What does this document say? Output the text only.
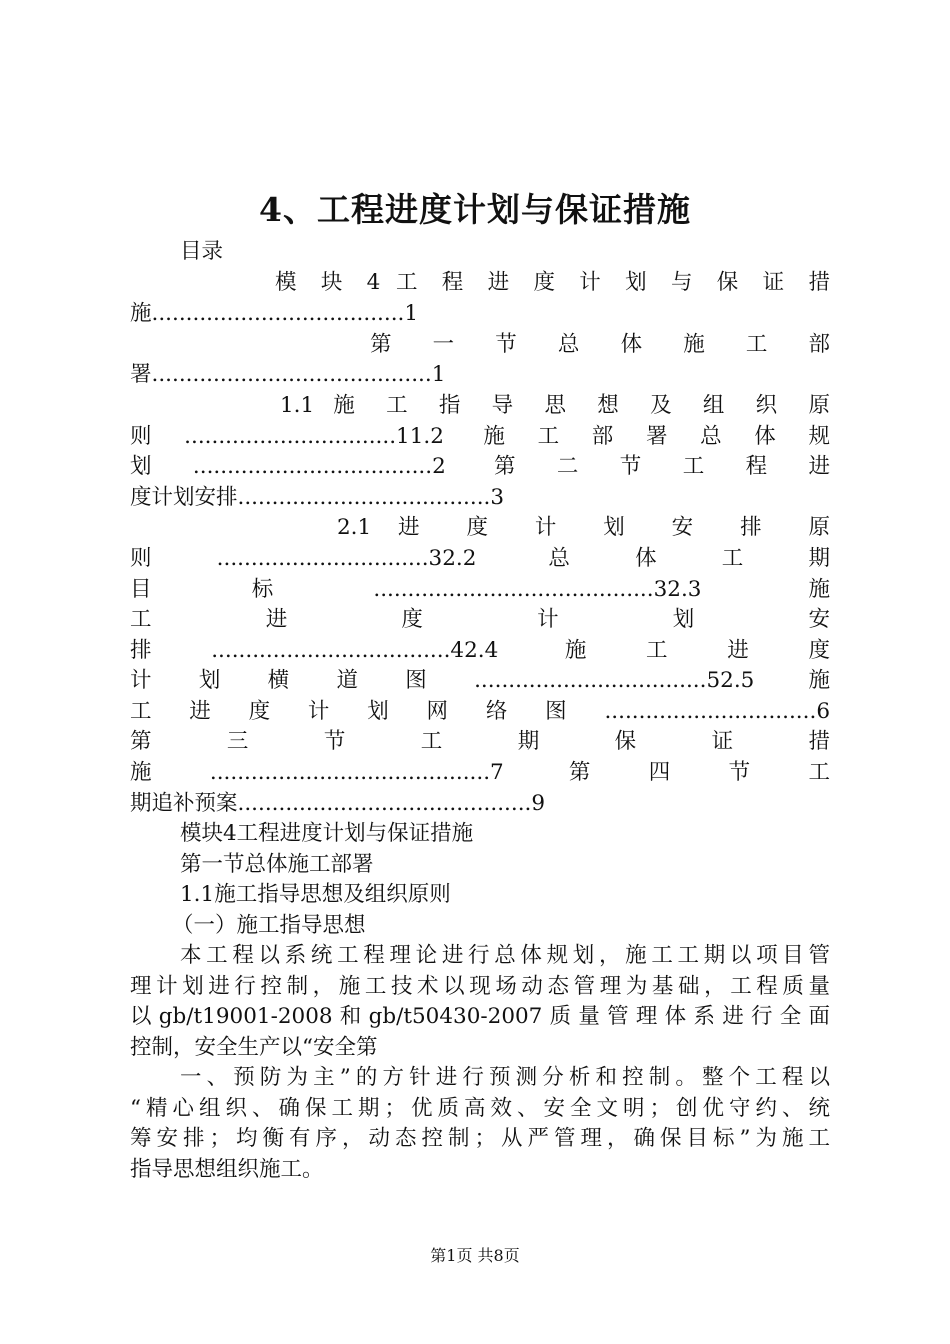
4、工程进度计划与保证措施
目录
模 块 4 工 程 进 度 计 划 与 保 证 措
施.....................................1
第 一 节 总 体 施 工 部
署.........................................1
1.1 施 工 指 导 思 想 及 组 织 原
则...............................11.2 施工部署总体规
划...................................2 第二节工程进
度计划安排.....................................3
2.1 进 度 计 划 安 排 原
则...............................32.2 总体工期
目标.........................................32.3 施
工 进 度 计 划 安
排...................................42.4 施工进度
计划横道图..................................52.5 施
工进度计划网络图...............................6
第 三 节 工 期 保 证 措
施.........................................7 第四节工
期追补预案...........................................9
模块4工程进度计划与保证措施
第一节总体施工部署
1.1施工指导思想及组织原则
（一）施工指导思想
本工程以系统工程理论进行总体规划，施工工期以项目管
理计划进行控制，施工技术以现场动态管理为基础，工程质量
以gb/t19001-2008和gb/t50430-2007质量管理体系进行全面
控制，安全生产以“安全第
一、预防为主”的方针进行预测分析和控制。整个工程以
“精心组织、确保工期；优质高效、安全文明；创优守约、统
筹安排；均衡有序，动态控制；从严管理，确保目标”为施工
指导思想组织施工。
第1页 共8页
